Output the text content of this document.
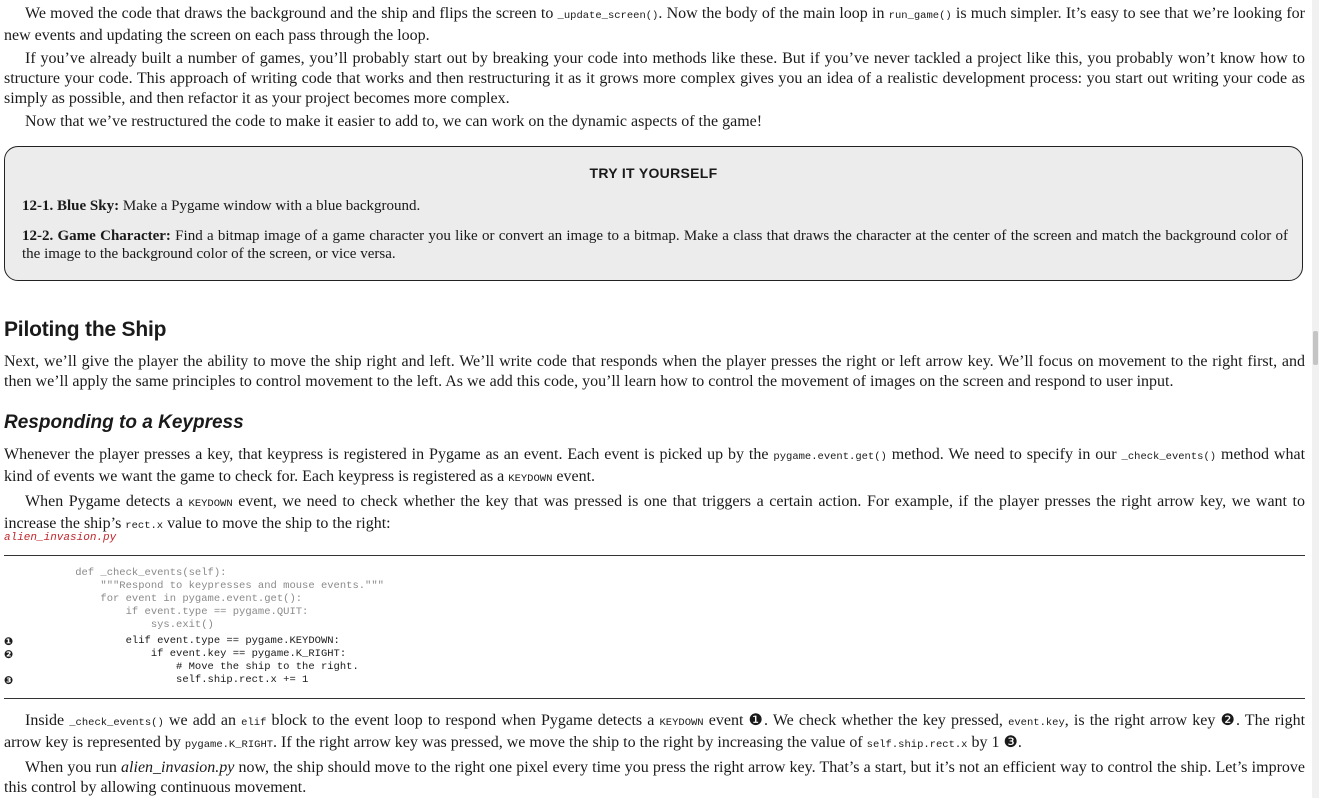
We moved the code that draws the background and the ship and flips the screen to _update_screen(). Now the body of the main loop in run_game() is much simpler. It’s easy to see that we’re looking for new events and updating the screen on each pass through the loop.

If you’ve already built a number of games, you’ll probably start out by breaking your code into methods like these. But if you’ve never tackled a project like this, you probably won’t know how to structure your code. This approach of writing code that works and then restructuring it as it grows more complex gives you an idea of a realistic development process: you start out writing your code as simply as possible, and then refactor it as your project becomes more complex.

Now that we’ve restructured the code to make it easier to add to, we can work on the dynamic aspects of the game!

TRY IT YOURSELF
12-1. Blue Sky: Make a Pygame window with a blue background.
12-2. Game Character: Find a bitmap image of a game character you like or convert an image to a bitmap. Make a class that draws the character at the center of the screen and match the background color of the image to the background color of the screen, or vice versa.
Piloting the Ship

Next, we’ll give the player the ability to move the ship right and left. We’ll write code that responds when the player presses the right or left arrow key. We’ll focus on movement to the right first, and then we’ll apply the same principles to control movement to the left. As we add this code, you’ll learn how to control the movement of images on the screen and respond to user input.

Responding to a Keypress

Whenever the player presses a key, that keypress is registered in Pygame as an event. Each event is picked up by the pygame.event.get() method. We need to specify in our _check_events() method what kind of events we want the game to check for. Each keypress is registered as a KEYDOWN event.

When Pygame detects a KEYDOWN event, we need to check whether the key that was pressed is one that triggers a certain action. For example, if the player presses the right arrow key, we want to increase the ship’s rect.x value to move the ship to the right:

alien_invasion.py
def _check_events(self):
"""Respond to keypresses and mouse events."""
for event in pygame.event.get():
if event.type == pygame.QUIT:
sys.exit()
❶	elif event.type == pygame.KEYDOWN:
❷	if event.key == pygame.K_RIGHT:
# Move the ship to the right.
❸	self.ship.rect.x += 1

Inside _check_events() we add an elif block to the event loop to respond when Pygame detects a KEYDOWN event ❶. We check whether the key pressed, event.key, is the right arrow key ❷. The right arrow key is represented by pygame.K_RIGHT. If the right arrow key was pressed, we move the ship to the right by increasing the value of self.ship.rect.x by 1 ❸.

When you run alien_invasion.py now, the ship should move to the right one pixel every time you press the right arrow key. That’s a start, but it’s not an efficient way to control the ship. Let’s improve this control by allowing continuous movement.
